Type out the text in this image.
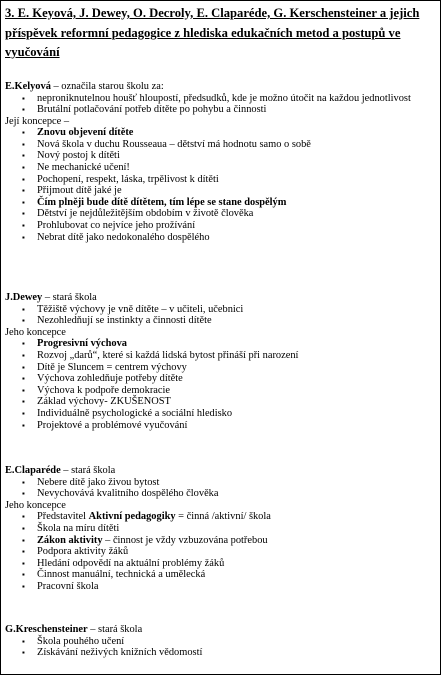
3. E. Keyová, J. Dewey, O. Decroly, E. Claparéde, G. Kerschensteiner a jejich příspěvek reformní pedagogice z hlediska edukačních metod a postupů ve vyučování
E.Kelyová – označila starou školu za:
▪ neproniknutelnou houšť hloupostí, předsudků, kde je možno útočit na každou jednotlivost
▪ Brutální potlačování potřeb dítěte po pohybu a činnosti
Její koncepce –
▪ Znovu objevení dítěte
▪ Nová škola v duchu Rousseaua – dětství má hodnotu samo o sobě
▪ Nový postoj k dítěti
▪ Ne mechanické učení!
▪ Pochopení, respekt, láska, trpělivost k dítěti
▪ Přijmout dítě jaké je
▪ Čím plněji bude dítě dítětem, tím lépe se stane dospělým
▪ Dětství je nejdůležitějším obdobím v životě člověka
▪ Prohlubovat co nejvíce jeho prožívání
▪ Nebrat dítě jako nedokonalého dospělého
J.Dewey – stará škola
▪ Těžiště výchovy je vně dítěte – v učiteli, učebnici
▪ Nezohledňují se instinkty a činnosti dítěte
Jeho koncepce
▪ Progresivní výchova
▪ Rozvoj „darů“, které si každá lidská bytost přináší při narození
▪ Dítě je Sluncem = centrem výchovy
▪ Výchova zohledňuje potřeby dítěte
▪ Výchova k podpoře demokracie
▪ Základ výchovy- ZKUŠENOST
▪ Individuálně psychologické a sociální hledisko
▪ Projektové a problémové vyučování
E.Claparéde – stará škola
▪ Nebere dítě jako živou bytost
▪ Nevychovává kvalitního dospělého člověka
Jeho koncepce
▪ Představitel Aktivní pedagogiky = činná /aktivní/ škola
▪ Škola na míru dítěti
▪ Zákon aktivity – činnost je vždy vzbuzována potřebou
▪ Podpora aktivity žáků
▪ Hledání odpovědí na aktuální problémy žáků
▪ Činnost manuální, technická a umělecká
▪ Pracovní škola
G.Kreschensteiner – stará škola
▪ Škola pouhého učení
▪ Získávání neživých knižních vědomostí
